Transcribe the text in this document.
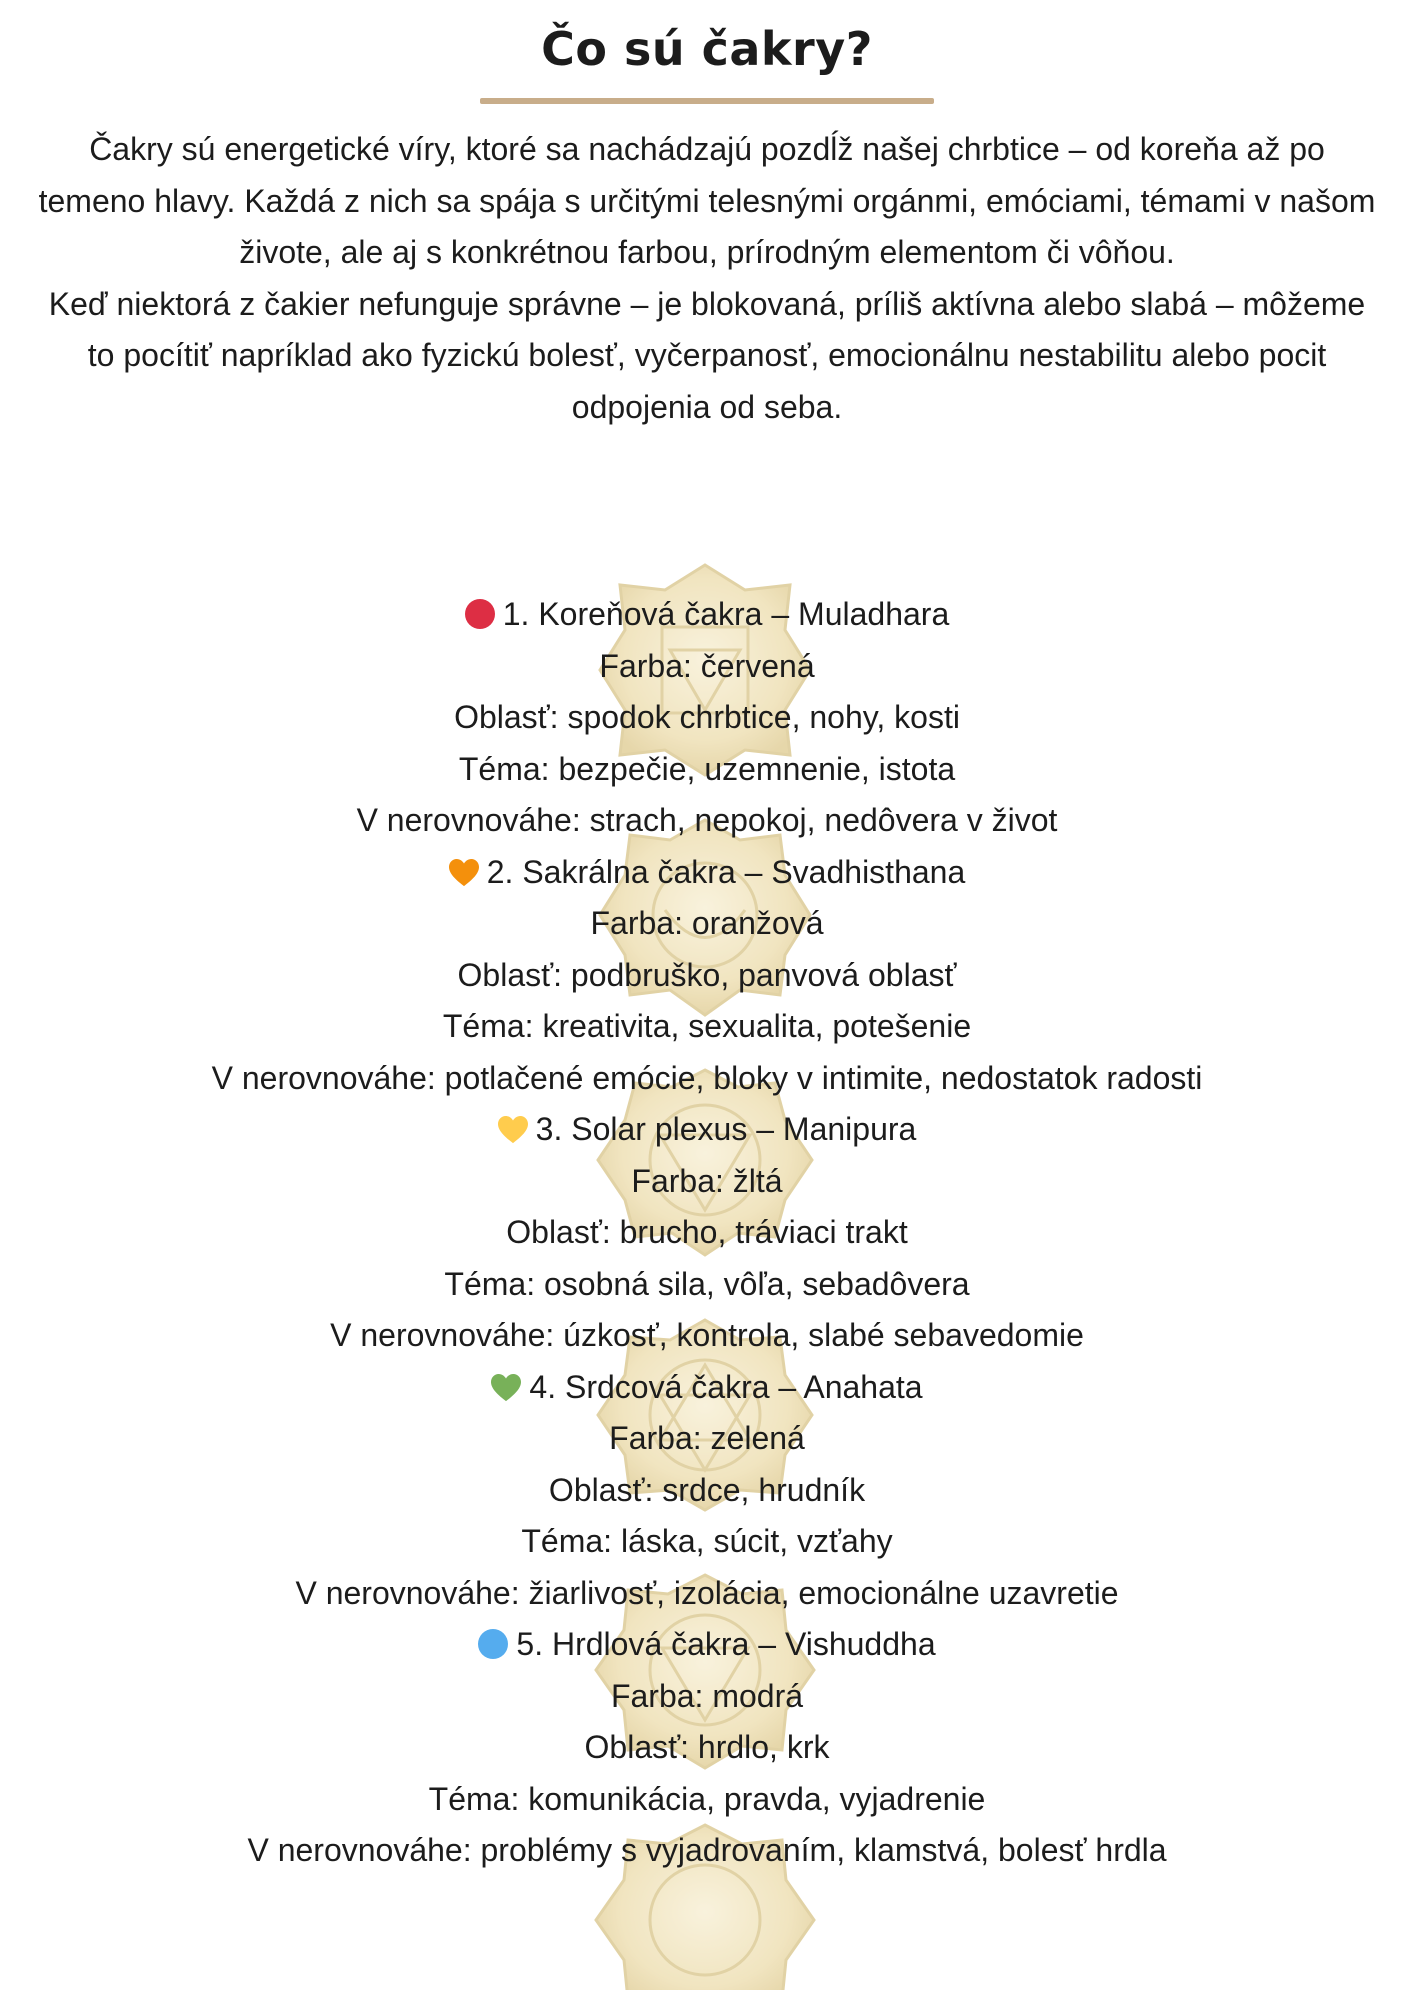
Čo sú čakry?

Čakry sú energetické víry, ktoré sa nachádzajú pozdĺž našej chrbtice – od koreňa až po temeno hlavy. Každá z nich sa spája s určitými telesnými orgánmi, emóciami, témami v našom živote, ale aj s konkrétnou farbou, prírodným elementom či vôňou.

Keď niektorá z čakier nefunguje správne – je blokovaná, príliš aktívna alebo slabá – môžeme to pocítiť napríklad ako fyzickú bolesť, vyčerpanosť, emocionálnu nestabilitu alebo pocit odpojenia od seba.

1. Koreňová čakra – Muladhara
Farba: červená
Oblasť: spodok chrbtice, nohy, kosti
Téma: bezpečie, uzemnenie, istota
V nerovnováhe: strach, nepokoj, nedôvera v život
2. Sakrálna čakra – Svadhisthana
Farba: oranžová
Oblasť: podbruško, panvová oblasť
Téma: kreativita, sexualita, potešenie
V nerovnováhe: potlačené emócie, bloky v intimite, nedostatok radosti
3. Solar plexus – Manipura
Farba: žltá
Oblasť: brucho, tráviaci trakt
Téma: osobná sila, vôľa, sebadôvera
V nerovnováhe: úzkosť, kontrola, slabé sebavedomie
4. Srdcová čakra – Anahata
Farba: zelená
Oblasť: srdce, hrudník
Téma: láska, súcit, vzťahy
V nerovnováhe: žiarlivosť, izolácia, emocionálne uzavretie
5. Hrdlová čakra – Vishuddha
Farba: modrá
Oblasť: hrdlo, krk
Téma: komunikácia, pravda, vyjadrenie
V nerovnováhe: problémy s vyjadrovaním, klamstvá, bolesť hrdla
